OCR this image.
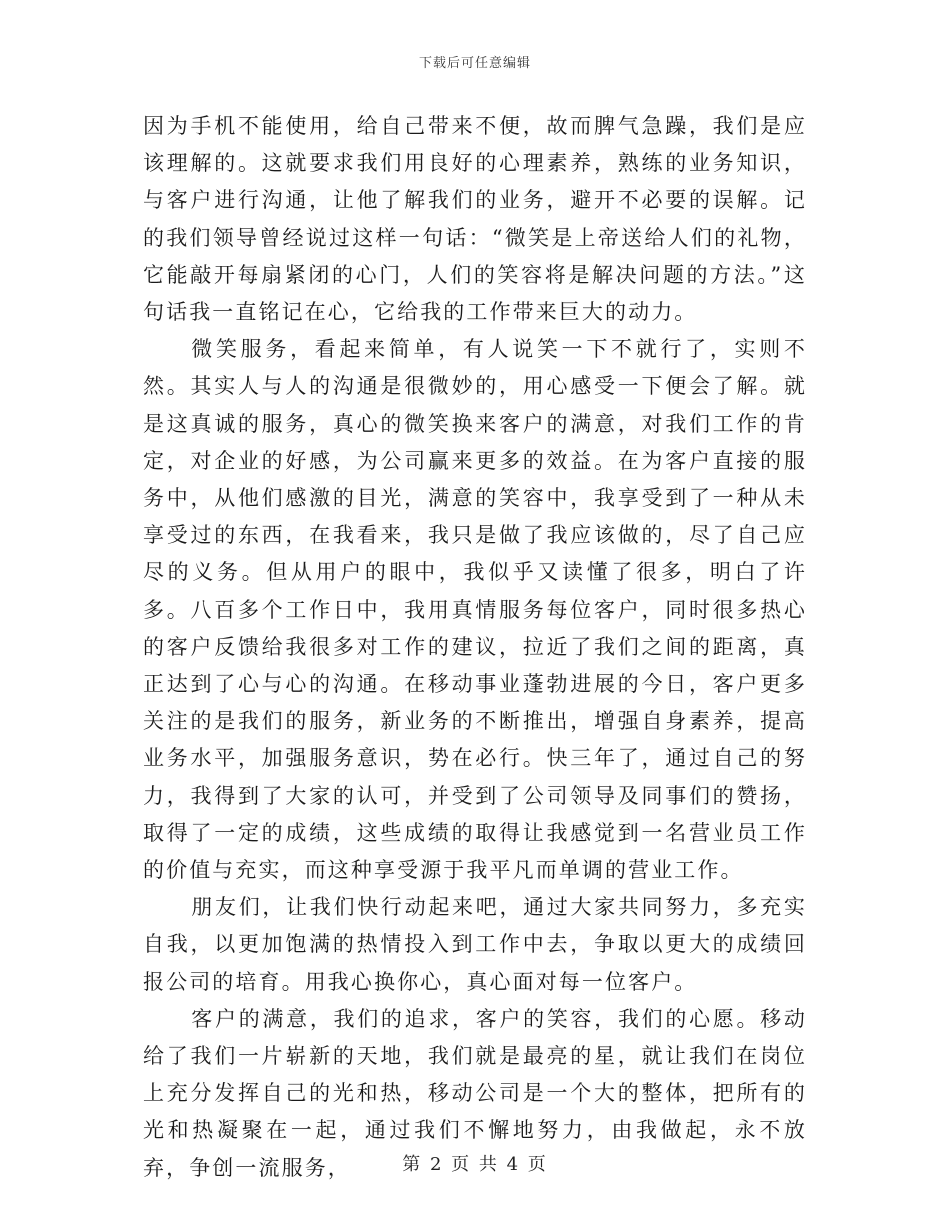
下载后可任意编辑

因为手机不能使用，给自己带来不便，故而脾气急躁，我们是应该理解的。这就要求我们用良好的心理素养，熟练的业务知识，与客户进行沟通，让他了解我们的业务，避开不必要的误解。记的我们领导曾经说过这样一句话：“微笑是上帝送给人们的礼物，它能敲开每扇紧闭的心门，人们的笑容将是解决问题的方法。”这句话我一直铭记在心，它给我的工作带来巨大的动力。

微笑服务，看起来简单，有人说笑一下不就行了，实则不然。其实人与人的沟通是很微妙的，用心感受一下便会了解。就是这真诚的服务，真心的微笑换来客户的满意，对我们工作的肯定，对企业的好感，为公司赢来更多的效益。在为客户直接的服务中，从他们感激的目光，满意的笑容中，我享受到了一种从未享受过的东西，在我看来，我只是做了我应该做的，尽了自己应尽的义务。但从用户的眼中，我似乎又读懂了很多，明白了许多。八百多个工作日中，我用真情服务每位客户，同时很多热心的客户反馈给我很多对工作的建议，拉近了我们之间的距离，真正达到了心与心的沟通。在移动事业蓬勃进展的今日，客户更多关注的是我们的服务，新业务的不断推出，增强自身素养，提高业务水平，加强服务意识，势在必行。快三年了，通过自己的努力，我得到了大家的认可，并受到了公司领导及同事们的赞扬，取得了一定的成绩，这些成绩的取得让我感觉到一名营业员工作的价值与充实，而这种享受源于我平凡而单调的营业工作。

朋友们，让我们快行动起来吧，通过大家共同努力，多充实自我，以更加饱满的热情投入到工作中去，争取以更大的成绩回报公司的培育。用我心换你心，真心面对每一位客户。

客户的满意，我们的追求，客户的笑容，我们的心愿。移动给了我们一片崭新的天地，我们就是最亮的星，就让我们在岗位上充分发挥自己的光和热，移动公司是一个大的整体，把所有的光和热凝聚在一起，通过我们不懈地努力，由我做起，永不放弃，争创一流服务，	第 2 页 共 4 页
